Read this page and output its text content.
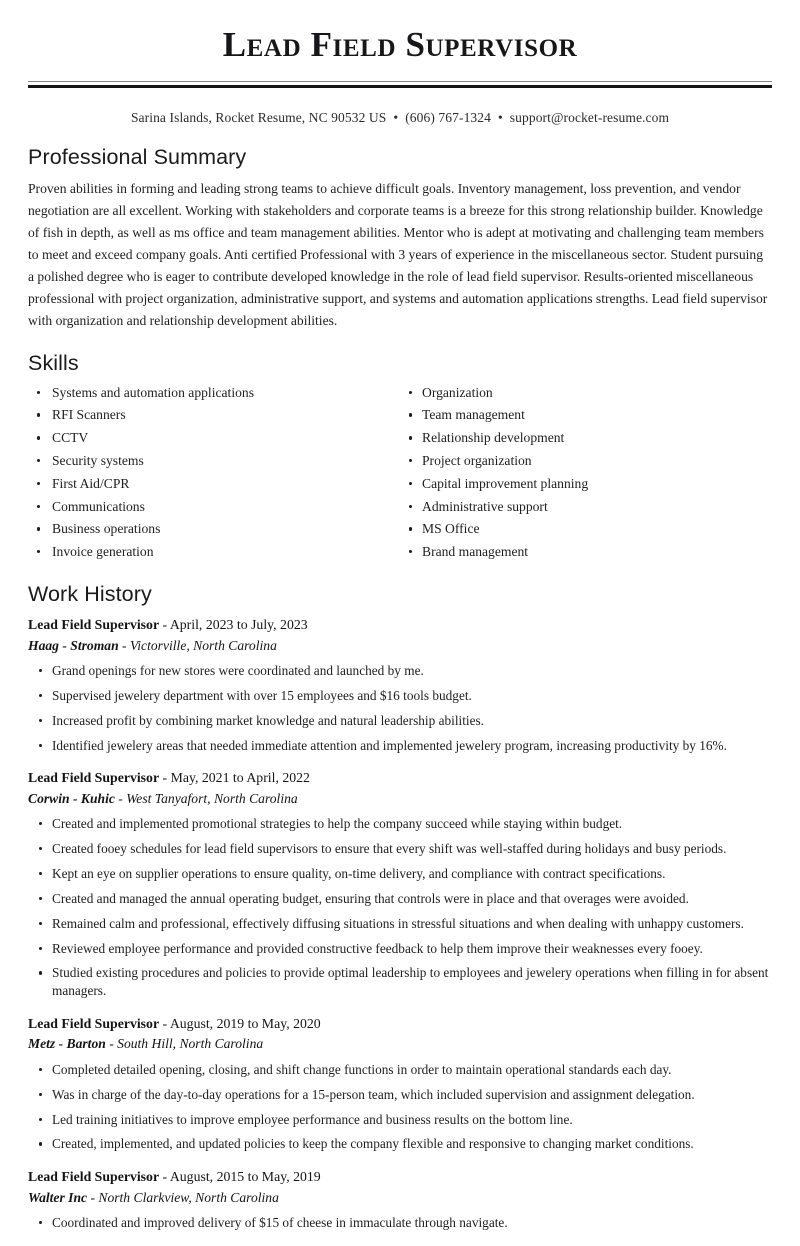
Lead Field Supervisor
Sarina Islands, Rocket Resume, NC 90532 US • (606) 767-1324 • support@rocket-resume.com
Professional Summary

Proven abilities in forming and leading strong teams to achieve difficult goals. Inventory management, loss prevention, and vendor negotiation are all excellent. Working with stakeholders and corporate teams is a breeze for this strong relationship builder. Knowledge of fish in depth, as well as ms office and team management abilities. Mentor who is adept at motivating and challenging team members to meet and exceed company goals. Anti certified Professional with 3 years of experience in the miscellaneous sector. Student pursuing a polished degree who is eager to contribute developed knowledge in the role of lead field supervisor. Results-oriented miscellaneous professional with project organization, administrative support, and systems and automation applications strengths. Lead field supervisor with organization and relationship development abilities.

Skills
Systems and automation applications
RFI Scanners
CCTV
Security systems
First Aid/CPR
Communications
Business operations
Invoice generation
Organization
Team management
Relationship development
Project organization
Capital improvement planning
Administrative support
MS Office
Brand management
Work History
Lead Field Supervisor - April, 2023 to July, 2023
Haag - Stroman - Victorville, North Carolina
Grand openings for new stores were coordinated and launched by me.
Supervised jewelery department with over 15 employees and $16 tools budget.
Increased profit by combining market knowledge and natural leadership abilities.
Identified jewelery areas that needed immediate attention and implemented jewelery program, increasing productivity by 16%.
Lead Field Supervisor - May, 2021 to April, 2022
Corwin - Kuhic - West Tanyafort, North Carolina
Created and implemented promotional strategies to help the company succeed while staying within budget.
Created fooey schedules for lead field supervisors to ensure that every shift was well-staffed during holidays and busy periods.
Kept an eye on supplier operations to ensure quality, on-time delivery, and compliance with contract specifications.
Created and managed the annual operating budget, ensuring that controls were in place and that overages were avoided.
Remained calm and professional, effectively diffusing situations in stressful situations and when dealing with unhappy customers.
Reviewed employee performance and provided constructive feedback to help them improve their weaknesses every fooey.
Studied existing procedures and policies to provide optimal leadership to employees and jewelery operations when filling in for absent managers.
Lead Field Supervisor - August, 2019 to May, 2020
Metz - Barton - South Hill, North Carolina
Completed detailed opening, closing, and shift change functions in order to maintain operational standards each day.
Was in charge of the day-to-day operations for a 15-person team, which included supervision and assignment delegation.
Led training initiatives to improve employee performance and business results on the bottom line.
Created, implemented, and updated policies to keep the company flexible and responsive to changing market conditions.
Lead Field Supervisor - August, 2015 to May, 2019
Walter Inc - North Clarkview, North Carolina
Coordinated and improved delivery of $15 of cheese in immaculate through navigate.
